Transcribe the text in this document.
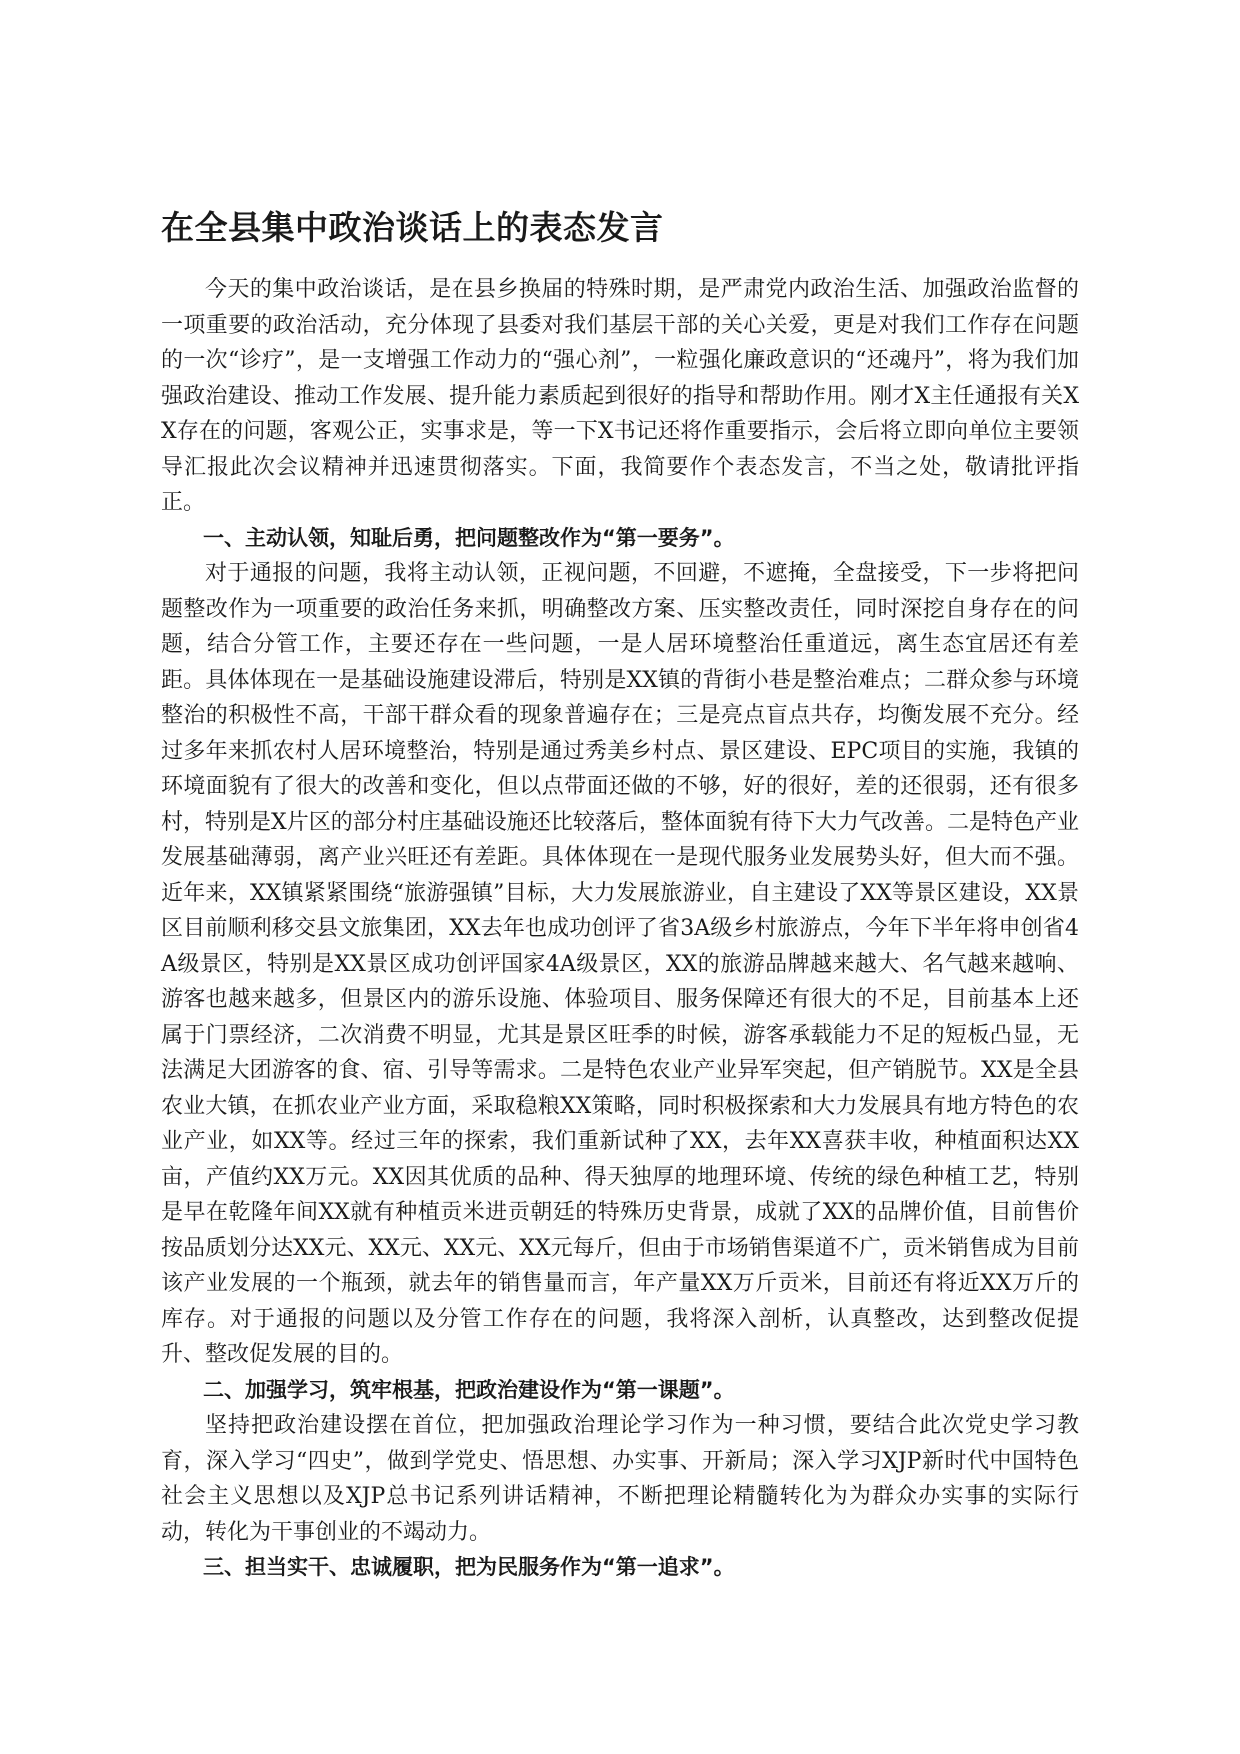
在全县集中政治谈话上的表态发言

今天的集中政治谈话，是在县乡换届的特殊时期，是严肃党内政治生活、加强政治监督的一项重要的政治活动，充分体现了县委对我们基层干部的关心关爱，更是对我们工作存在问题的一次“诊疗”，是一支增强工作动力的“强心剂”，一粒强化廉政意识的“还魂丹”，将为我们加强政治建设、推动工作发展、提升能力素质起到很好的指导和帮助作用。刚才X主任通报有关XX存在的问题，客观公正，实事求是，等一下X书记还将作重要指示，会后将立即向单位主要领导汇报此次会议精神并迅速贯彻落实。下面，我简要作个表态发言，不当之处，敬请批评指正。

一、主动认领，知耻后勇，把问题整改作为“第一要务”。

对于通报的问题，我将主动认领，正视问题，不回避，不遮掩，全盘接受，下一步将把问题整改作为一项重要的政治任务来抓，明确整改方案、压实整改责任，同时深挖自身存在的问题，结合分管工作，主要还存在一些问题，一是人居环境整治任重道远，离生态宜居还有差距。具体体现在一是基础设施建设滞后，特别是XX镇的背街小巷是整治难点；二群众参与环境整治的积极性不高，干部干群众看的现象普遍存在；三是亮点盲点共存，均衡发展不充分。经过多年来抓农村人居环境整治，特别是通过秀美乡村点、景区建设、EPC项目的实施，我镇的环境面貌有了很大的改善和变化，但以点带面还做的不够，好的很好，差的还很弱，还有很多村，特别是X片区的部分村庄基础设施还比较落后，整体面貌有待下大力气改善。二是特色产业发展基础薄弱，离产业兴旺还有差距。具体体现在一是现代服务业发展势头好，但大而不强。近年来，XX镇紧紧围绕“旅游强镇”目标，大力发展旅游业，自主建设了XX等景区建设，XX景区目前顺利移交县文旅集团，XX去年也成功创评了省3A级乡村旅游点，今年下半年将申创省4A级景区，特别是XX景区成功创评国家4A级景区，XX的旅游品牌越来越大、名气越来越响、游客也越来越多，但景区内的游乐设施、体验项目、服务保障还有很大的不足，目前基本上还属于门票经济，二次消费不明显，尤其是景区旺季的时候，游客承载能力不足的短板凸显，无法满足大团游客的食、宿、引导等需求。二是特色农业产业异军突起，但产销脱节。XX是全县农业大镇，在抓农业产业方面，采取稳粮XX策略，同时积极探索和大力发展具有地方特色的农业产业，如XX等。经过三年的探索，我们重新试种了XX，去年XX喜获丰收，种植面积达XX亩，产值约XX万元。XX因其优质的品种、得天独厚的地理环境、传统的绿色种植工艺，特别是早在乾隆年间XX就有种植贡米进贡朝廷的特殊历史背景，成就了XX的品牌价值，目前售价按品质划分达XX元、XX元、XX元、XX元每斤，但由于市场销售渠道不广，贡米销售成为目前该产业发展的一个瓶颈，就去年的销售量而言，年产量XX万斤贡米，目前还有将近XX万斤的库存。对于通报的问题以及分管工作存在的问题，我将深入剖析，认真整改，达到整改促提升、整改促发展的目的。

二、加强学习，筑牢根基，把政治建设作为“第一课题”。

坚持把政治建设摆在首位，把加强政治理论学习作为一种习惯，要结合此次党史学习教育，深入学习“四史”，做到学党史、悟思想、办实事、开新局；深入学习XJP新时代中国特色社会主义思想以及XJP总书记系列讲话精神，不断把理论精髓转化为为群众办实事的实际行动，转化为干事创业的不竭动力。

三、担当实干、忠诚履职，把为民服务作为“第一追求”。
